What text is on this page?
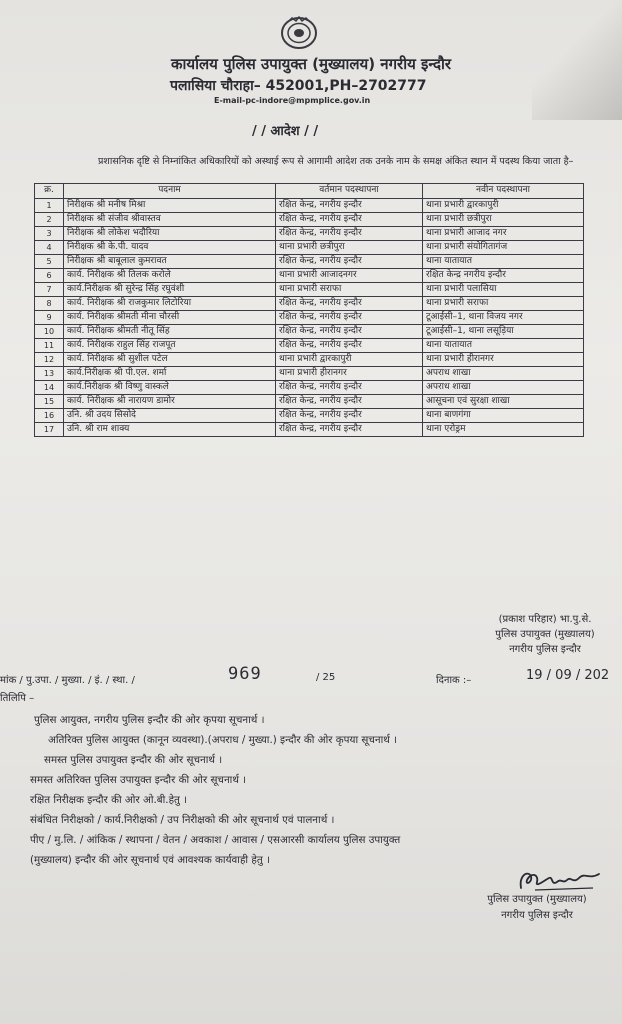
कार्यालय पुलिस उपायुक्त (मुख्यालय) नगरीय इन्दौर
पलासिया चौराहा– 452001,PH–2702777
E-mail-pc-indore@mpmplice.gov.in
/ / आदेश / /
प्रशासनिक दृष्टि से निम्नांकित अधिकारियों को अस्थाई रूप से आगामी आदेश तक उनके नाम के समक्ष अंकित स्थान में पदस्थ किया जाता है–
क्र.	पदनाम	वर्तमान पदस्थापना	नवीन पदस्थापना
1	निरीक्षक श्री मनीष मिश्रा	रक्षित केन्द्र, नगरीय इन्दौर	थाना प्रभारी द्वारकापुरी
2	निरीक्षक श्री संजीव श्रीवास्तव	रक्षित केन्द्र, नगरीय इन्दौर	थाना प्रभारी छत्रीपुरा
3	निरीक्षक श्री लोकेश भदौरिया	रक्षित केन्द्र, नगरीय इन्दौर	थाना प्रभारी आजाद नगर
4	निरीक्षक श्री के.पी. यादव	थाना प्रभारी छत्रीपुरा	थाना प्रभारी संयोगितागंज
5	निरीक्षक श्री बाबूलाल कुमरावत	रक्षित केन्द्र, नगरीय इन्दौर	थाना यातायात
6	कार्य. निरीक्षक श्री तिलक करोले	थाना प्रभारी आजादनगर	रक्षित केन्द्र नगरीय इन्दौर
7	कार्य.निरीक्षक श्री सुरेन्द्र सिंह रघुवंशी	थाना प्रभारी सराफा	थाना प्रभारी पलासिया
8	कार्य. निरीक्षक श्री राजकुमार लिटोरिया	रक्षित केन्द्र, नगरीय इन्दौर	थाना प्रभारी सराफा
9	कार्य. निरीक्षक श्रीमती मीना चौरसी	रक्षित केन्द्र, नगरीय इन्दौर	टूआईसी–1, थाना विजय नगर
10	कार्य. निरीक्षक श्रीमती नीतू सिंह	रक्षित केन्द्र, नगरीय इन्दौर	टूआईसी–1, थाना लसूड़िया
11	कार्य. निरीक्षक राहुल सिंह राजपूत	रक्षित केन्द्र, नगरीय इन्दौर	थाना यातायात
12	कार्य. निरीक्षक श्री सुशील पटेल	थाना प्रभारी द्वारकापुरी	थाना प्रभारी हीरानगर
13	कार्य.निरीक्षक श्री पी.एल. शर्मा	थाना प्रभारी हीरानगर	अपराध शाखा
14	कार्य.निरीक्षक श्री विष्णु वास्कले	रक्षित केन्द्र, नगरीय इन्दौर	अपराध शाखा
15	कार्य. निरीक्षक श्री नारायण डामोर	रक्षित केन्द्र, नगरीय इन्दौर	आसूचना एवं सुरक्षा शाखा
16	उनि. श्री उदय सिसोदे	रक्षित केन्द्र, नगरीय इन्दौर	थाना बाणगंगा
17	उनि. श्री राम शाक्य	रक्षित केन्द्र, नगरीय इन्दौर	थाना एरोड्रम
(प्रकाश परिहार) भा.पु.से.
पुलिस उपायुक्त (मुख्यालय)
नगरीय पुलिस इन्दौर
मांक / पु.उपा. / मुख्या. / इं. / स्था. /	969	/ 25	दिनाक :–	19 / 09 / 202
तिलिपि –
पुलिस आयुक्त, नगरीय पुलिस इन्दौर की ओर कृपया सूचनार्थ ।
अतिरिक्त पुलिस आयुक्त (कानून व्यवस्था).(अपराध / मुख्या.) इन्दौर की ओर कृपया सूचनार्थ ।
समस्त पुलिस उपायुक्त इन्दौर की ओर सूचनार्थ ।
समस्त अतिरिक्त पुलिस उपायुक्त इन्दौर की ओर सूचनार्थ ।
रक्षित निरीक्षक इन्दौर की ओर ओ.बी.हेतु ।
संबंधित निरीक्षको / कार्य.निरीक्षको / उप निरीक्षको की ओर सूचनार्थ एवं पालनार्थ ।
पीए / मु.लि. / आंकिक / स्थापना / वेतन / अवकाश / आवास / एसआरसी कार्यालय पुलिस उपायुक्त
(मुख्यालय) इन्दौर की ओर सूचनार्थ एवं आवश्यक कार्यवाही हेतु ।
पुलिस उपायुक्त (मुख्यालय)
नगरीय पुलिस इन्दौर
